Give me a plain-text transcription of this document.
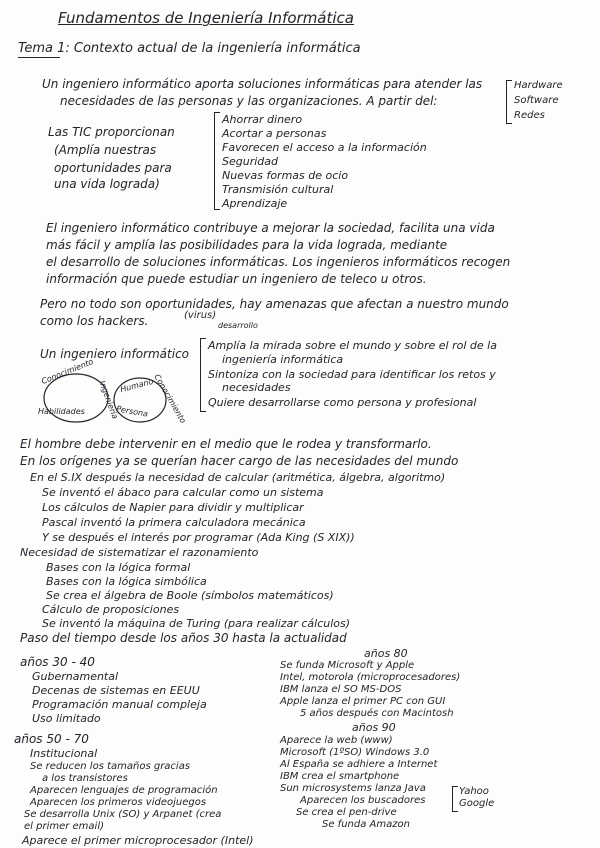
Fundamentos de Ingeniería Informática
Tema 1: Contexto actual de la ingeniería informática
Un ingeniero informático aporta soluciones informáticas para atender las
necesidades de las personas y las organizaciones. A partir del:
Hardware
Software
Redes
Las TIC proporcionan
(Amplía nuestras
oportunidades para
una vida lograda)
Ahorrar dinero
Acortar a personas
Favorecen el acceso a la información
Seguridad
Nuevas formas de ocio
Transmisión cultural
Aprendizaje
El ingeniero informático contribuye a mejorar la sociedad, facilita una vida
más fácil y amplía las posibilidades para la vida lograda, mediante
el desarrollo de soluciones informáticas. Los ingenieros informáticos recogen
información que puede estudiar un ingeniero de teleco u otros.
Pero no todo son oportunidades, hay amenazas que afectan a nuestro mundo
como los hackers.	(virus)
desarrollo
Un ingeniero informático
Amplía la mirada sobre el mundo y sobre el rol de la
ingeniería informática
Sintoniza con la sociedad para identificar los retos y
necesidades
Quiere desarrollarse como persona y profesional
Conocimiento
Ingeniería
Habilidades
Humano
Conocimiento
Persona
El hombre debe intervenir en el medio que le rodea y transformarlo.
En los orígenes ya se querían hacer cargo de las necesidades del mundo
En el S.IX después la necesidad de calcular (aritmética, álgebra, algoritmo)
Se inventó el ábaco para calcular como un sistema
Los cálculos de Napier para dividir y multiplicar
Pascal inventó la primera calculadora mecánica
Y se después el interés por programar (Ada King (S XIX))
Necesidad de sistematizar el razonamiento
Bases con la lógica formal
Bases con la lógica simbólica
Se crea el álgebra de Boole (símbolos matemáticos)
Cálculo de proposiciones
Se inventó la máquina de Turing (para realizar cálculos)
Paso del tiempo desde los años 30 hasta la actualidad
años 30 - 40
Gubernamental
Decenas de sistemas en EEUU
Programación manual compleja
Uso limitado
años 50 - 70
Institucional
Se reducen los tamaños gracias
a los transistores
Aparecen lenguajes de programación
Aparecen los primeros videojuegos
Se desarrolla Unix (SO) y Arpanet (crea
el primer email)
Aparece el primer microprocesador (Intel)
años 80
Se funda Microsoft y Apple
Intel, motorola (microprocesadores)
IBM lanza el SO MS-DOS
Apple lanza el primer PC con GUI
5 años después con Macintosh
años 90
Aparece la web (www)
Microsoft (1ºSO) Windows 3.0
Al España se adhiere a Internet
IBM crea el smartphone
Sun microsystems lanza Java
Aparecen los buscadores
Se crea el pen-drive
Se funda Amazon
Yahoo
Google
